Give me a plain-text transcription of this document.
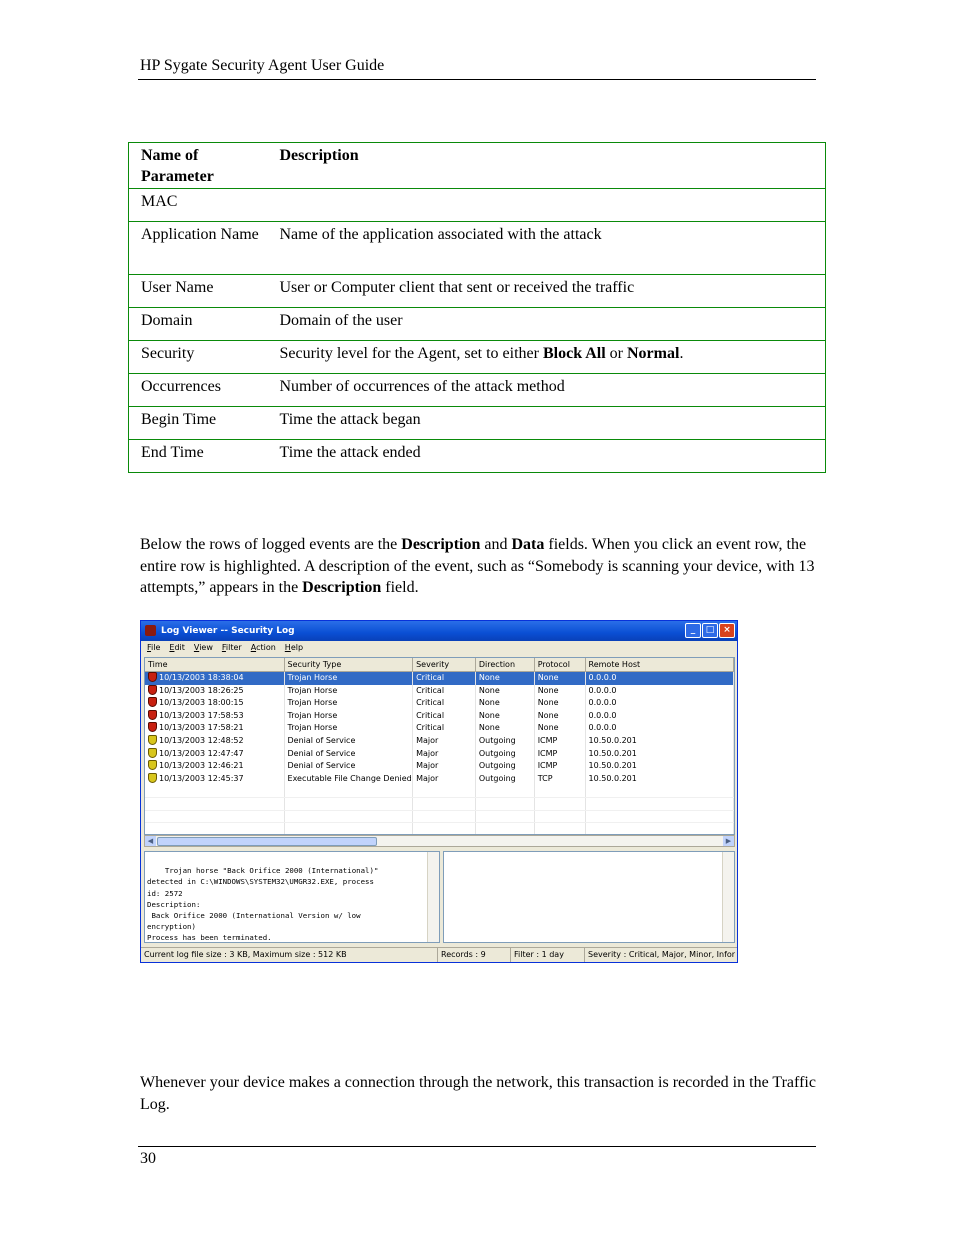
HP Sygate Security Agent User Guide
Name of Parameter	Description
MAC	
Application Name	Name of the application associated with the attack
User Name	User or Computer client that sent or received the traffic
Domain	Domain of the user
Security	Security level for the Agent, set to either Block All or Normal.
Occurrences	Number of occurrences of the attack method
Begin Time	Time the attack began
End Time	Time the attack ended

Below the rows of logged events are the Description and Data fields. When you click an event row, the entire row is highlighted. A description of the event, such as “Somebody is scanning your device, with 13 attempts,” appears in the Description field.

Log Viewer -- Security Log	_	□ ×
File Edit View Filter Action Help
Time	Security Type	Severity	Direction	Protocol	Remote Host
10/13/2003 18:38:04	Trojan Horse	Critical	None	None	0.0.0.0
10/13/2003 18:26:25	Trojan Horse	Critical	None	None	0.0.0.0
10/13/2003 18:00:15	Trojan Horse	Critical	None	None	0.0.0.0
10/13/2003 17:58:53	Trojan Horse	Critical	None	None	0.0.0.0
10/13/2003 17:58:21	Trojan Horse	Critical	None	None	0.0.0.0
10/13/2003 12:48:52	Denial of Service	Major	Outgoing	ICMP	10.50.0.201
10/13/2003 12:47:47	Denial of Service	Major	Outgoing	ICMP	10.50.0.201
10/13/2003 12:46:21	Denial of Service	Major	Outgoing	ICMP	10.50.0.201
10/13/2003 12:45:37	Executable File Change Denied Major	Outgoing	TCP	10.50.0.201
◀	▶

Trojan horse "Back Orifice 2000 (International)"
detected in C:\WINDOWS\SYSTEM32\UMGR32.EXE, process
id: 2572
Description:
Back Orifice 2000 (International Version w/ low
encryption)
Process has been terminated.

Current log file size : 3 KB, Maximum size : 512 KB	Records : 9	Filter : 1 day	Severity : Critical, Major, Minor, Infor

Whenever your device makes a connection through the network, this transaction is recorded in the Traffic Log.

30
